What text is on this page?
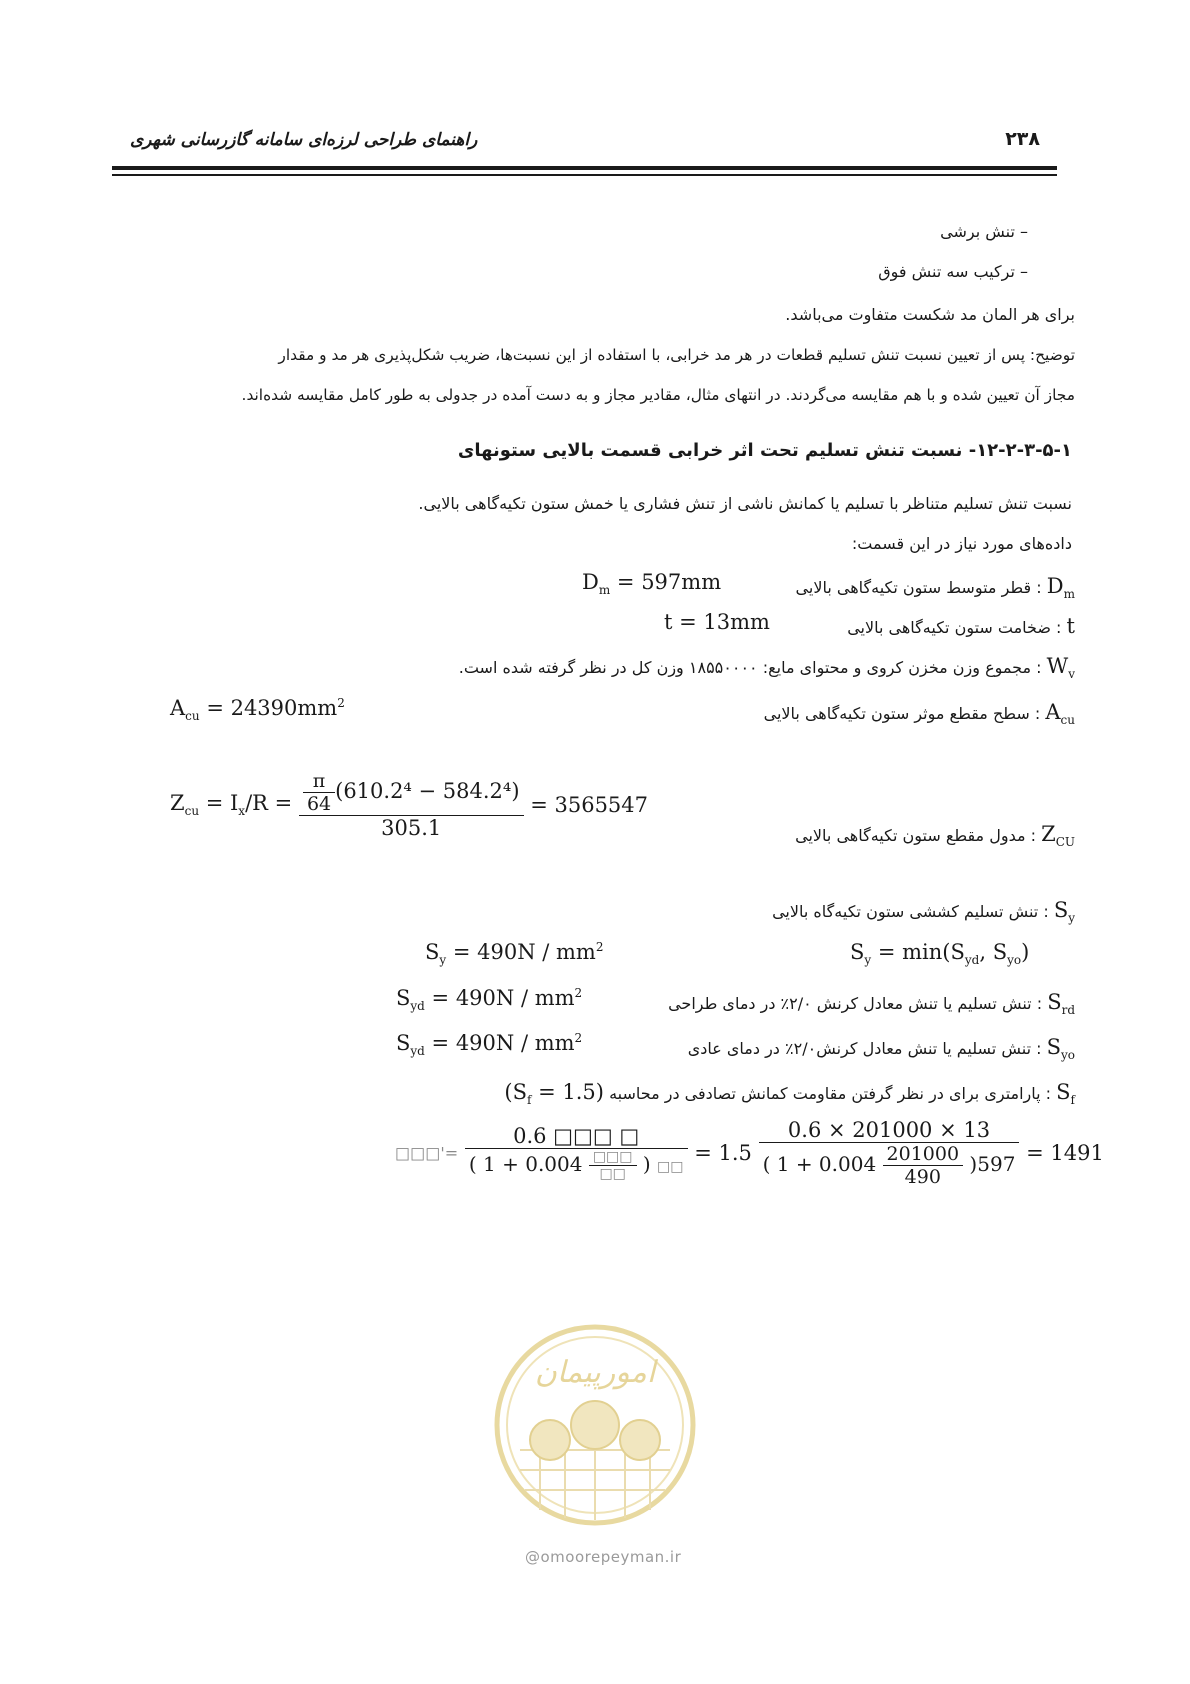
راهنمای طراحی لرزه‌ای سامانه گازرسانی شهری	۲۳۸
– تنش برشی
– ترکیب سه تنش فوق
برای هر المان مد شکست متفاوت می‌باشد.
توضیح: پس از تعیین نسبت تنش تسلیم قطعات در هر مد خرابی، با استفاده از این نسبت‌ها، ضریب شکل‌پذیری هر مد و مقدار
مجاز آن تعیین شده و با هم مقایسه می‌گردند. در انتهای مثال، مقادیر مجاز و به دست آمده در جدولی به طور کامل مقایسه شده‌اند.
۱۲-۲-۳-۵-۱- نسبت تنش تسلیم تحت اثر خرابی قسمت بالایی ستونهای
نسبت تنش تسلیم متناظر با تسلیم یا کمانش ناشی از تنش فشاری یا خمش ستون تکیه‌گاهی بالایی.
داده‌های مورد نیاز در این قسمت:
: قطر متوسط ستون تکیه‌گاهی بالایی $D_m$
$D_m = 597mm$
: ضخامت ستون تکیه‌گاهی بالایی t
t = 13mm
: مجموع وزن مخزن کروی و محتوای مایع: ۱۸۵۵۰۰۰۰ وزن کل در نظر گرفته شده است. $W_v$
: سطح مقطع موثر ستون تکیه‌گاهی بالایی $A_{cu}$
$A_{cu} = 24390mm^2$
: مدول مقطع ستون تکیه‌گاهی بالایی $Z_{CU}$
$Z_{cu} = I_x/R = \frac{\frac{\pi}{64} (610.2^4 - 584.2^4)}{305.1} = 3565547$
: تنش تسلیم کششی ستون تکیه‌گاه بالایی $S_y$
$S_y = 490N / mm^2$	$S_y = \min(S_{yd}$, $S_{yo}$)
: تنش تسلیم یا تنش معادل کرنش ۲/۰٪ در دمای طراحی $S_{rd}$
$S_{yd} = 490N / mm^2$
: تنش تسلیم یا تنش معادل کرنش۲/۰٪ در دمای عادی $S_{yo}$
$S_{yd} = 490N / mm^2$
$(S_f = 1.5)$ : پارامتری برای در نظر گرفتن مقاومت کمانش تصادفی در محاسبه $S_f$
□□□'= $\frac{0.6 □□□ □}{( 1 + 0.004 \frac{□□□}{□□} ) □□} = 1.5 \frac{0.6 \times 201000 \times 13}{( 1 + 0.004 \frac{201000}{490} )597} = 1491$
امورپیمان
@omoorepeyman.ir
